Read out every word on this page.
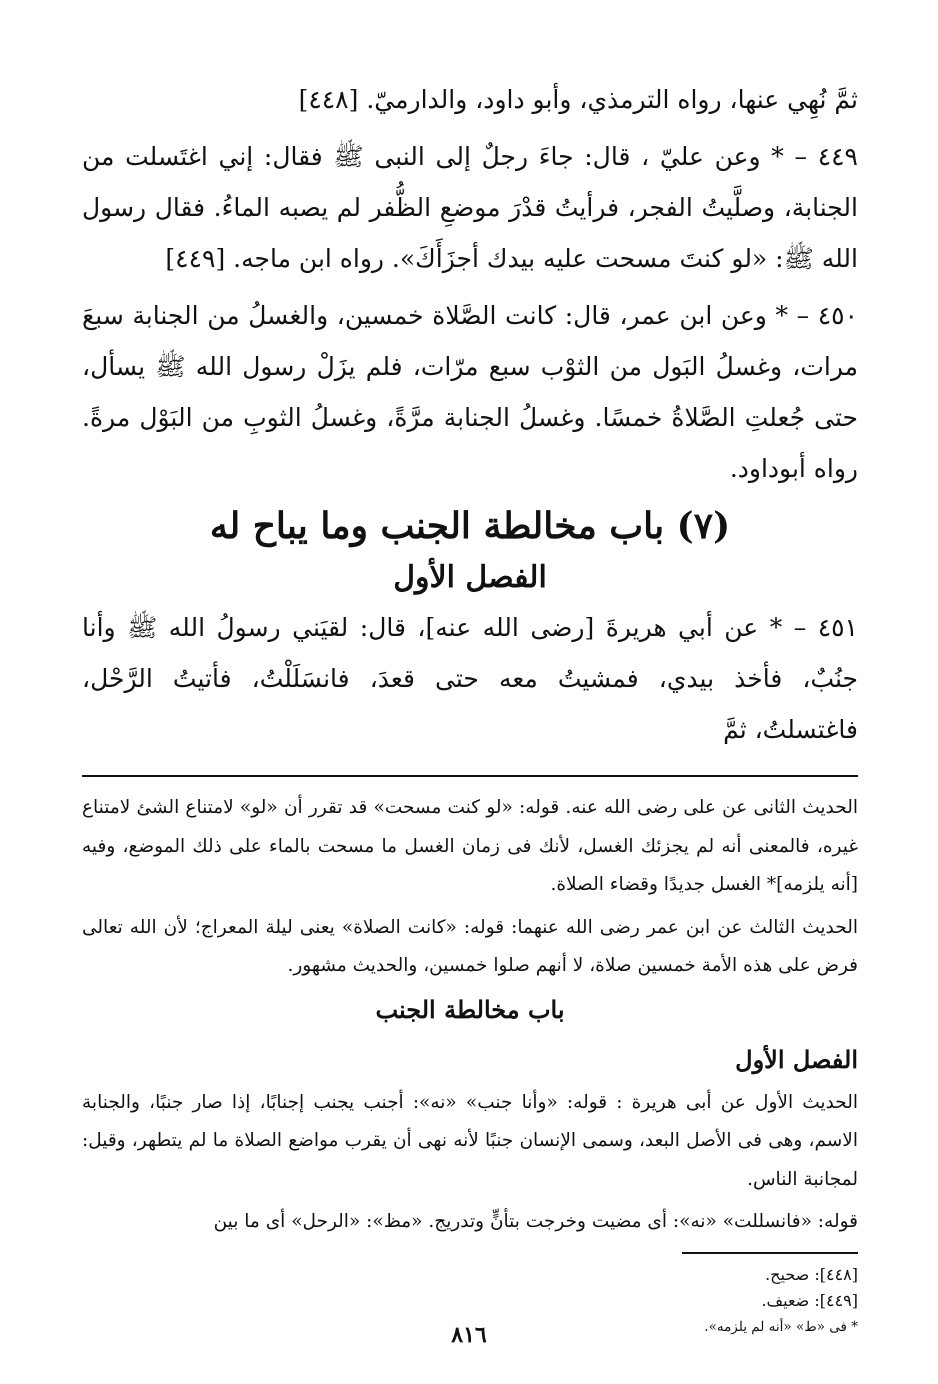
ثمَّ نُهِي عنها، رواه الترمذي، وأبو داود، والدارميّ. [٤٤٨]

٤٤٩ – * وعن عليّ ، قال: جاءَ رجلٌ إلى النبى ﷺ فقال: إني اغتَسلت من الجنابة، وصلَّيتُ الفجر، فرأيتُ قدْرَ موضعِ الظُّفر لم يصبه الماءُ. فقال رسول الله ﷺ: «لو كنتَ مسحت عليه بيدك أجزَأَكَ». رواه ابن ماجه. [٤٤٩]

٤٥٠ – * وعن ابن عمر، قال: كانت الصَّلاة خمسين، والغسلُ من الجنابة سبعَ مرات، وغسلُ البَول من الثوْب سبع مرّات، فلم يزَلْ رسول الله ﷺ يسأل، حتى جُعلتِ الصَّلاةُ خمسًا. وغسلُ الجنابة مرَّةً، وغسلُ الثوبِ من البَوْل مرةً. رواه أبوداود.

(٧) باب مخالطة الجنب وما يباح له
الفصل الأول

٤٥١ – * عن أبي هريرةَ [رضى الله عنه]، قال: لقيَني رسولُ الله ﷺ وأنا جنُبٌ، فأخذ بيدي، فمشيتُ معه حتى قعدَ، فانسَلَلْتُ، فأتيتُ الرَّحْل، فاغتسلتُ، ثمَّ

الحديث الثانى عن على رضى الله عنه. قوله: «لو كنت مسحت» قد تقرر أن «لو» لامتناع الشئ لامتناع غيره، فالمعنى أنه لم يجزئك الغسل، لأنك فى زمان الغسل ما مسحت بالماء على ذلك الموضع، وفيه [أنه يلزمه]* الغسل جديدًا وقضاء الصلاة.

الحديث الثالث عن ابن عمر رضى الله عنهما: قوله: «كانت الصلاة» يعنى ليلة المعراج؛ لأن الله تعالى فرض على هذه الأمة خمسين صلاة، لا أنهم صلوا خمسين، والحديث مشهور.

باب مخالطة الجنب
الفصل الأول

الحديث الأول عن أبى هريرة : قوله: «وأنا جنب» «نه»: أجنب يجنب إجنابًا، إذا صار جنبًا، والجنابة الاسم، وهى فى الأصل البعد، وسمى الإنسان جنبًا لأنه نهى أن يقرب مواضع الصلاة ما لم يتطهر، وقيل: لمجانبة الناس.

قوله: «فانسللت» «نه»: أى مضيت وخرجت بتأنٍّ وتدريج. «مظ»: «الرحل» أى ما بين

[٤٤٨]: صحيح.

[٤٤٩]: ضعيف.

* فى «ط» «أنه لم يلزمه».

٨١٦
